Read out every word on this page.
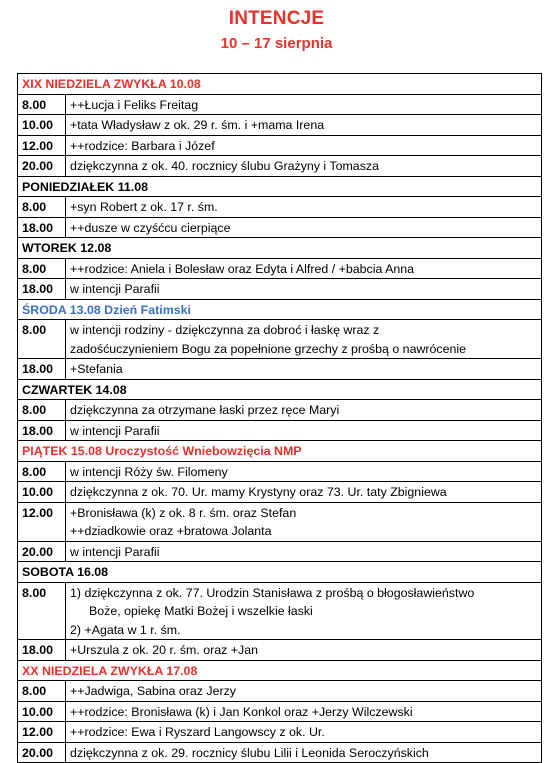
INTENCJE
10 – 17 sierpnia
XIX NIEDZIELA ZWYKŁA 10.08	
8.00	++Łucja i Feliks Freitag

10.00	+tata Władysław z ok. 29 r. śm. i +mama Irena

12.00	++rodzice: Barbara i Józef

20.00	dziękczynna z ok. 40. rocznicy ślubu Grażyny i Tomasza

PONIEDZIAŁEK 11.08	
8.00	+syn Robert z ok. 17 r. śm.

18.00	++dusze w czyśćcu cierpiące

WTOREK 12.08	
8.00	++rodzice: Aniela i Bolesław oraz Edyta i Alfred / +babcia Anna

18.00	w intencji Parafii

ŚRODA 13.08 Dzień Fatimski	
8.00	w intencji rodziny - dziękczynna za dobroć i łaskę wraz z
zadośćuczynieniem Bogu za popełnione grzechy z prośbą o nawrócenie

18.00	+Stefania

CZWARTEK 14.08	
8.00	dziękczynna za otrzymane łaski przez ręce Maryi

18.00	w intencji Parafii

PIĄTEK 15.08 Uroczystość Wniebowzięcia NMP	
8.00	w intencji Róży św. Filomeny

10.00	dziękczynna z ok. 70. Ur. mamy Krystyny oraz 73. Ur. taty Zbigniewa

12.00	+Bronisława (k) z ok. 8 r. śm. oraz Stefan
++dziadkowie oraz +bratowa Jolanta

20.00	w intencji Parafii

SOBOTA 16.08	
8.00	1) dziękczynna z ok. 77. Urodzin Stanisława z prośbą o błogosławieństwo
Boże, opiekę Matki Bożej i wszelkie łaski
2) +Agata w 1 r. śm.

18.00	+Urszula z ok. 20 r. śm. oraz +Jan

XX NIEDZIELA ZWYKŁA 17.08	
8.00	++Jadwiga, Sabina oraz Jerzy

10.00	++rodzice: Bronisława (k) i Jan Konkol oraz +Jerzy Wilczewski

12.00	++rodzice: Ewa i Ryszard Langowscy z ok. Ur.

20.00	dziękczynna z ok. 29. rocznicy ślubu Lilii i Leonida Seroczyńskich
